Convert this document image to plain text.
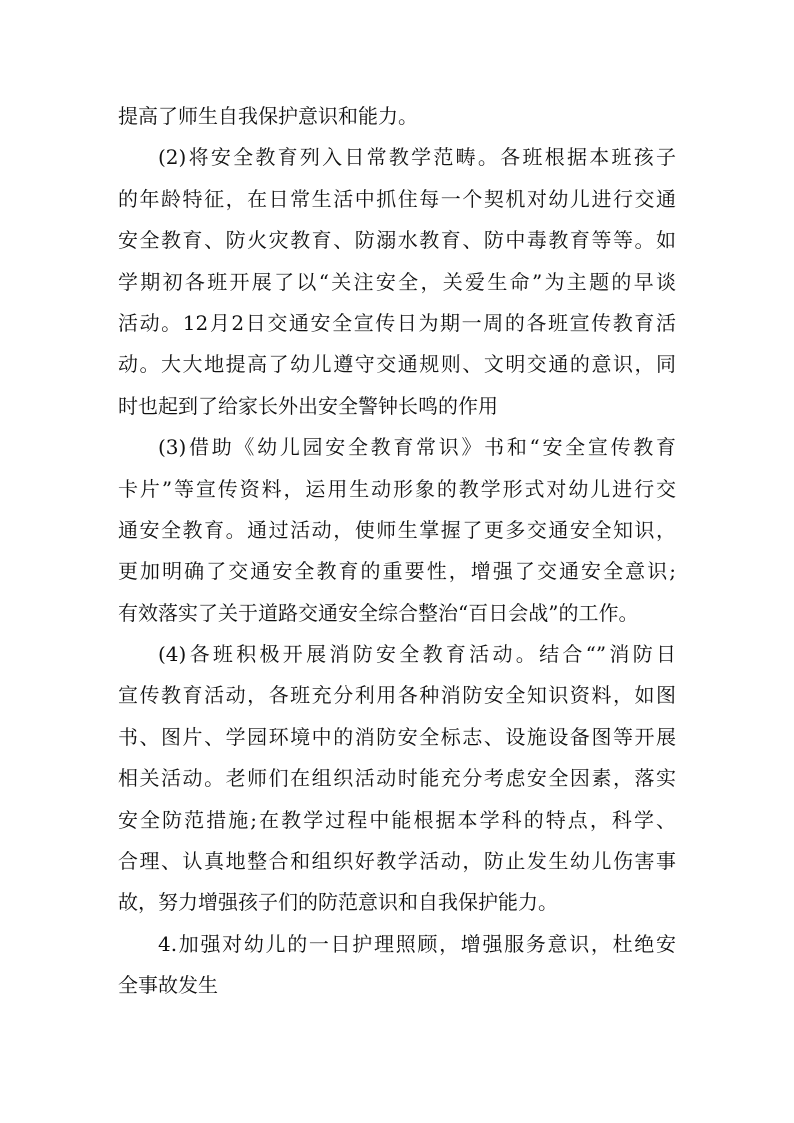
提高了师生自我保护意识和能力。
(2)将安全教育列入日常教学范畴。各班根据本班孩子
的年龄特征，在日常生活中抓住每一个契机对幼儿进行交通
安全教育、防火灾教育、防溺水教育、防中毒教育等等。如
学期初各班开展了以“关注安全，关爱生命”为主题的早谈
活动。12月2日交通安全宣传日为期一周的各班宣传教育活
动。大大地提高了幼儿遵守交通规则、文明交通的意识，同
时也起到了给家长外出安全警钟长鸣的作用
(3)借助《幼儿园安全教育常识》书和“安全宣传教育
卡片”等宣传资料，运用生动形象的教学形式对幼儿进行交
通安全教育。通过活动，使师生掌握了更多交通安全知识，
更加明确了交通安全教育的重要性，增强了交通安全意识;
有效落实了关于道路交通安全综合整治“百日会战”的工作。
(4)各班积极开展消防安全教育活动。结合“”消防日
宣传教育活动，各班充分利用各种消防安全知识资料，如图
书、图片、学园环境中的消防安全标志、设施设备图等开展
相关活动。老师们在组织活动时能充分考虑安全因素，落实
安全防范措施;在教学过程中能根据本学科的特点，科学、
合理、认真地整合和组织好教学活动，防止发生幼儿伤害事
故，努力增强孩子们的防范意识和自我保护能力。
4.加强对幼儿的一日护理照顾，增强服务意识，杜绝安
全事故发生
